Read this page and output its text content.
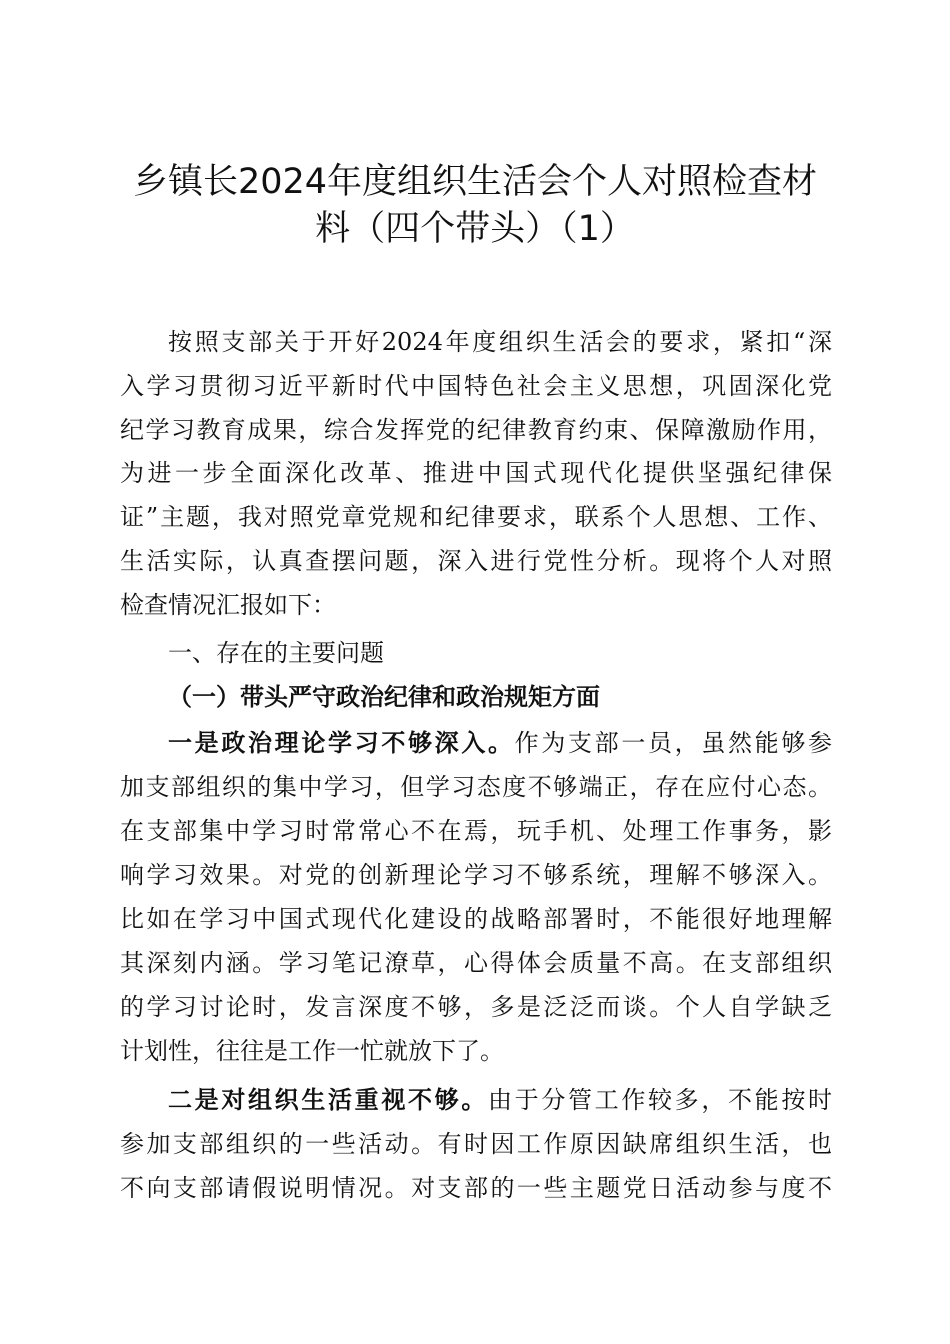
乡镇长2024年度组织生活会个人对照检查材
料（四个带头）（1）
按照支部关于开好2024年度组织生活会的要求，紧扣“深
入学习贯彻习近平新时代中国特色社会主义思想，巩固深化党
纪学习教育成果，综合发挥党的纪律教育约束、保障激励作用，
为进一步全面深化改革、推进中国式现代化提供坚强纪律保
证”主题，我对照党章党规和纪律要求，联系个人思想、工作、
生活实际，认真查摆问题，深入进行党性分析。现将个人对照
检查情况汇报如下：
一、存在的主要问题
（一）带头严守政治纪律和政治规矩方面
一是政治理论学习不够深入。作为支部一员，虽然能够参
加支部组织的集中学习，但学习态度不够端正，存在应付心态。
在支部集中学习时常常心不在焉，玩手机、处理工作事务，影
响学习效果。对党的创新理论学习不够系统，理解不够深入。
比如在学习中国式现代化建设的战略部署时，不能很好地理解
其深刻内涵。学习笔记潦草，心得体会质量不高。在支部组织
的学习讨论时，发言深度不够，多是泛泛而谈。个人自学缺乏
计划性，往往是工作一忙就放下了。
二是对组织生活重视不够。由于分管工作较多，不能按时
参加支部组织的一些活动。有时因工作原因缺席组织生活，也
不向支部请假说明情况。对支部的一些主题党日活动参与度不
